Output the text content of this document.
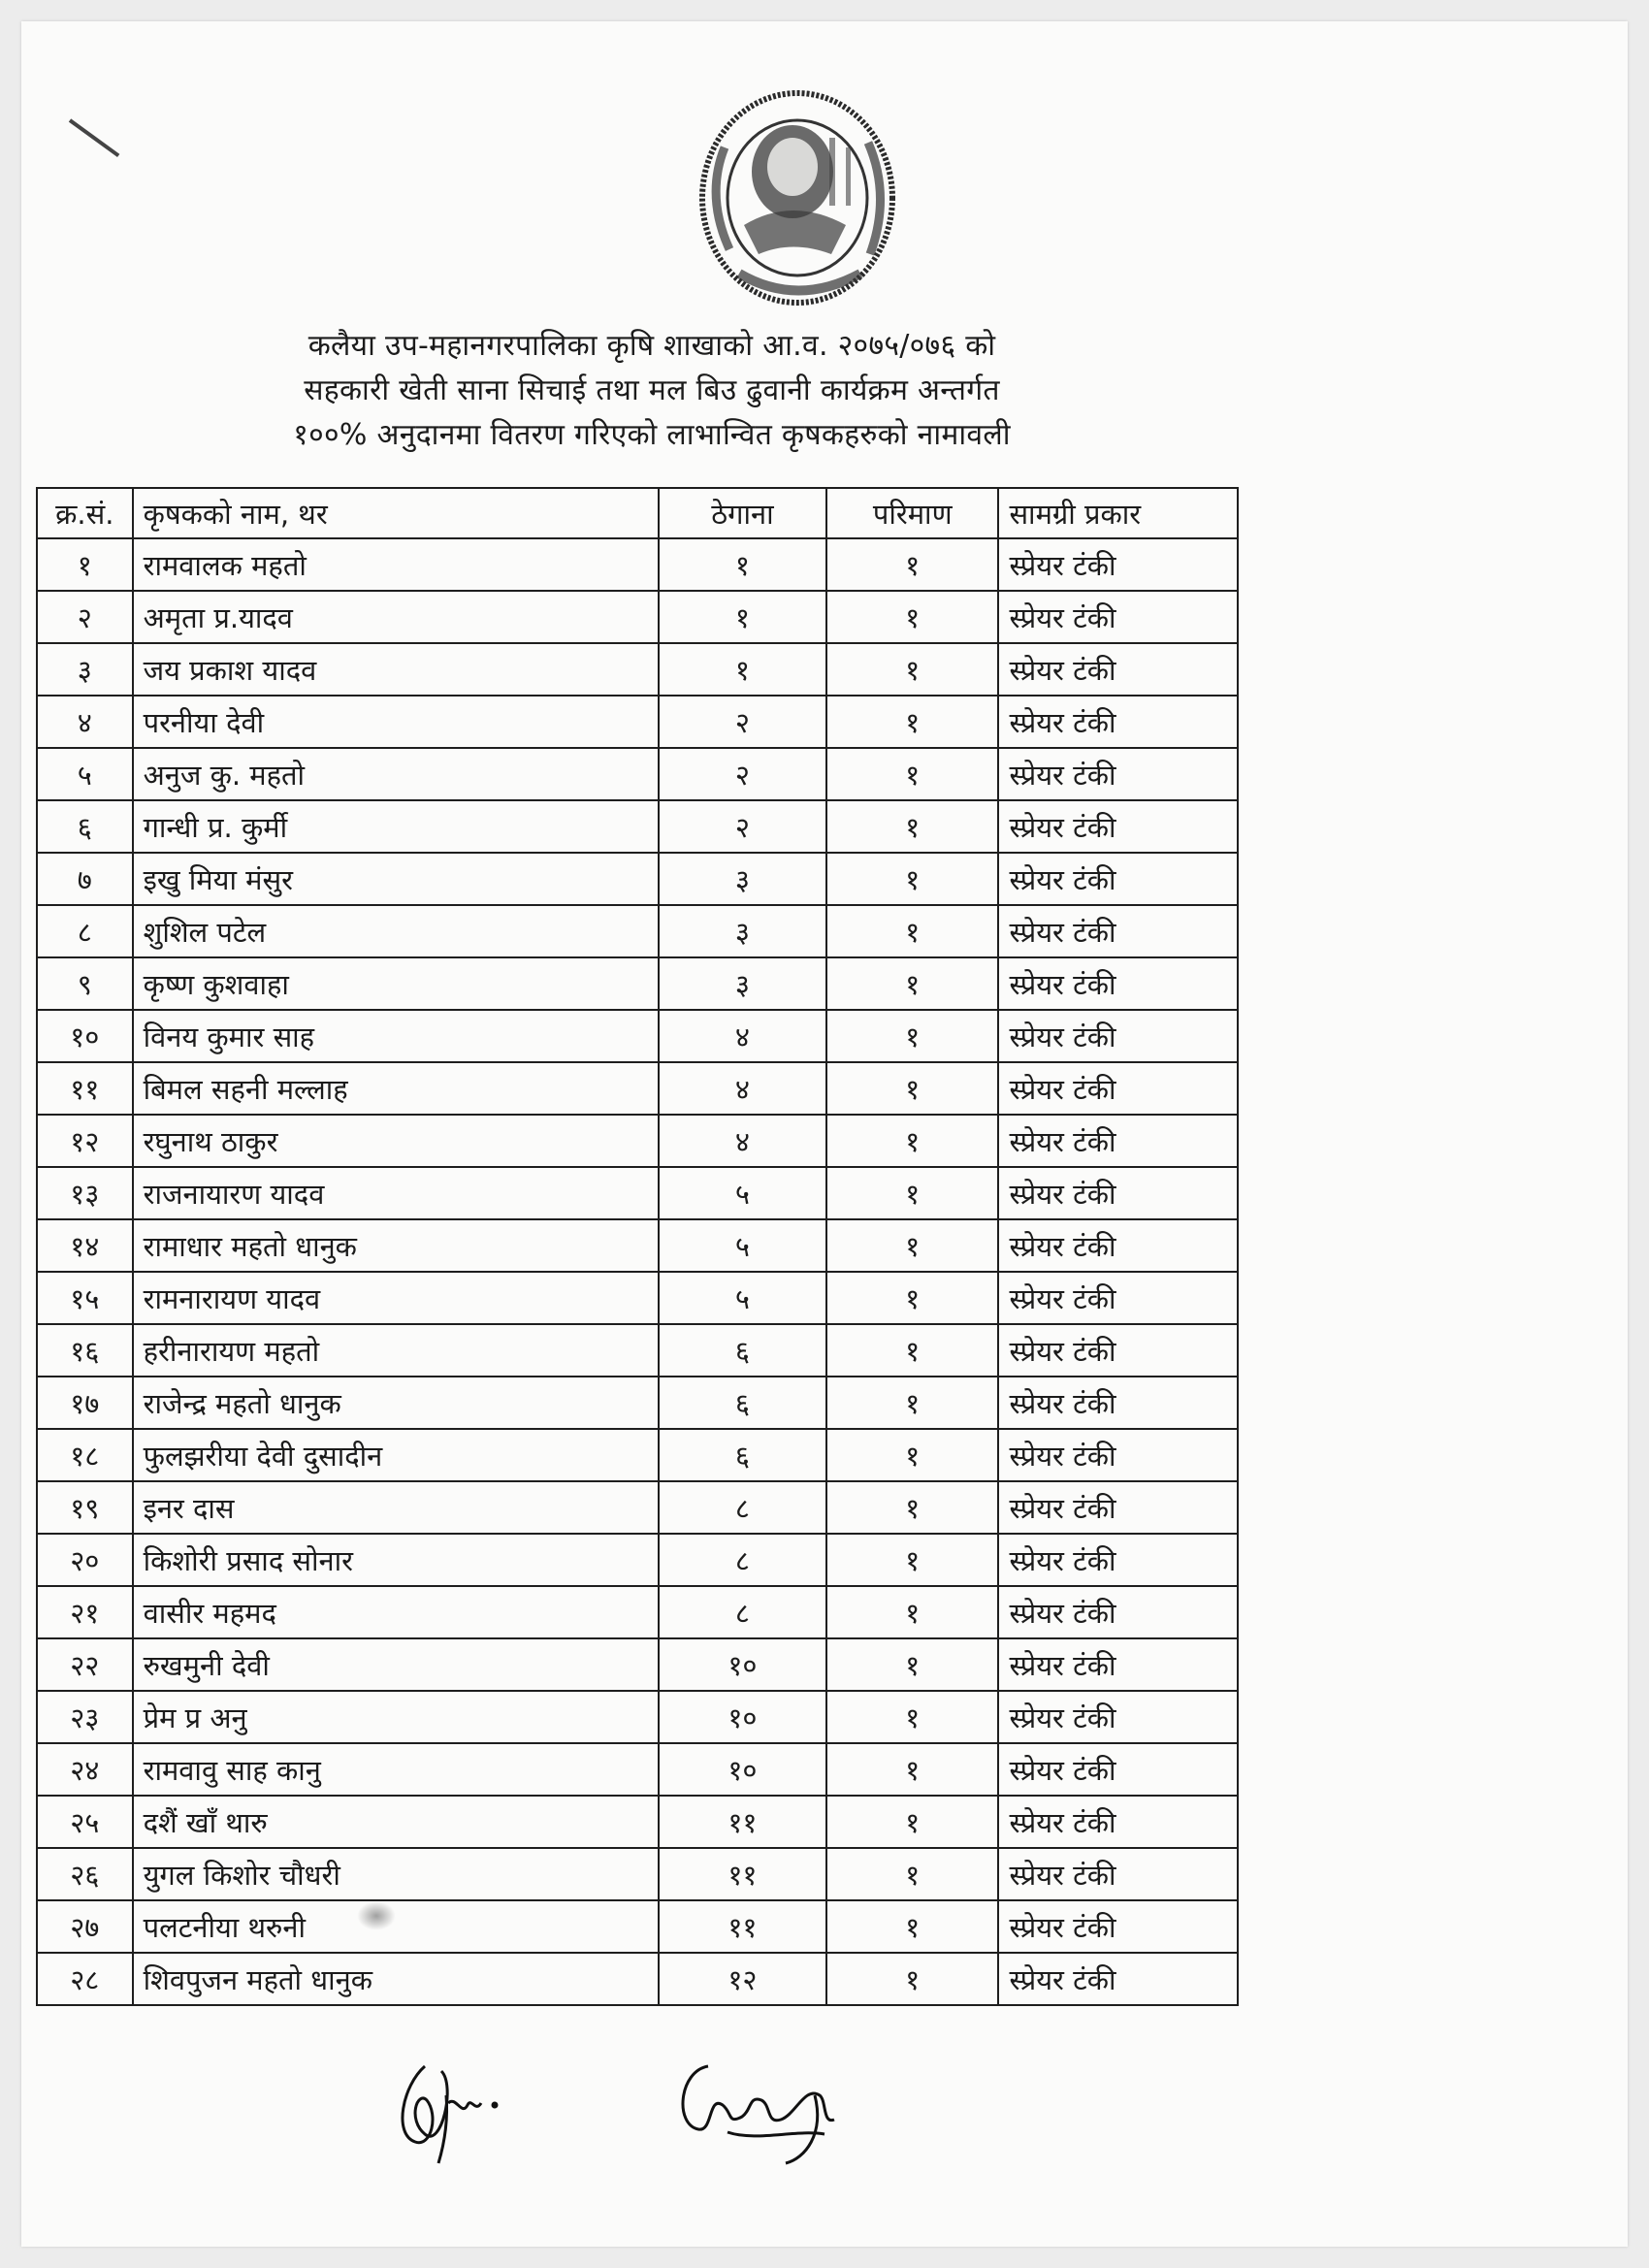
कलैया उप-महानगरपालिका कृषि शाखाको आ.व. २०७५/०७६ को
सहकारी खेती साना सिचाई तथा मल बिउ ढुवानी कार्यक्रम अन्तर्गत
१००% अनुदानमा वितरण गरिएको लाभान्वित कृषकहरुको नामावली
क्र.सं.	कृषकको नाम, थर	ठेगाना	परिमाण	सामग्री प्रकार
१	रामवालक महतो	१	१	स्प्रेयर टंकी
२	अमृता प्र.यादव	१	१	स्प्रेयर टंकी
३	जय प्रकाश यादव	१	१	स्प्रेयर टंकी
४	परनीया देवी	२	१	स्प्रेयर टंकी
५	अनुज कु. महतो	२	१	स्प्रेयर टंकी
६	गान्धी प्र. कुर्मी	२	१	स्प्रेयर टंकी
७	इखु मिया मंसुर	३	१	स्प्रेयर टंकी
८	शुशिल पटेल	३	१	स्प्रेयर टंकी
९	कृष्ण कुशवाहा	३	१	स्प्रेयर टंकी
१०	विनय कुमार साह	४	१	स्प्रेयर टंकी
११	बिमल सहनी मल्लाह	४	१	स्प्रेयर टंकी
१२	रघुनाथ ठाकुर	४	१	स्प्रेयर टंकी
१३	राजनायारण यादव	५	१	स्प्रेयर टंकी
१४	रामाधार महतो धानुक	५	१	स्प्रेयर टंकी
१५	रामनारायण यादव	५	१	स्प्रेयर टंकी
१६	हरीनारायण महतो	६	१	स्प्रेयर टंकी
१७	राजेन्द्र महतो धानुक	६	१	स्प्रेयर टंकी
१८	फुलझरीया देवी दुसादीन	६	१	स्प्रेयर टंकी
१९	इनर दास	८	१	स्प्रेयर टंकी
२०	किशोरी प्रसाद सोनार	८	१	स्प्रेयर टंकी
२१	वासीर महमद	८	१	स्प्रेयर टंकी
२२	रुखमुनी देवी	१०	१	स्प्रेयर टंकी
२३	प्रेम प्र अनु	१०	१	स्प्रेयर टंकी
२४	रामवावु साह कानु	१०	१	स्प्रेयर टंकी
२५	दशैं खाँ थारु	११	१	स्प्रेयर टंकी
२६	युगल किशोर चौधरी	११	१	स्प्रेयर टंकी
२७	पलटनीया थरुनी	११	१	स्प्रेयर टंकी
२८	शिवपुजन महतो धानुक	१२	१	स्प्रेयर टंकी
